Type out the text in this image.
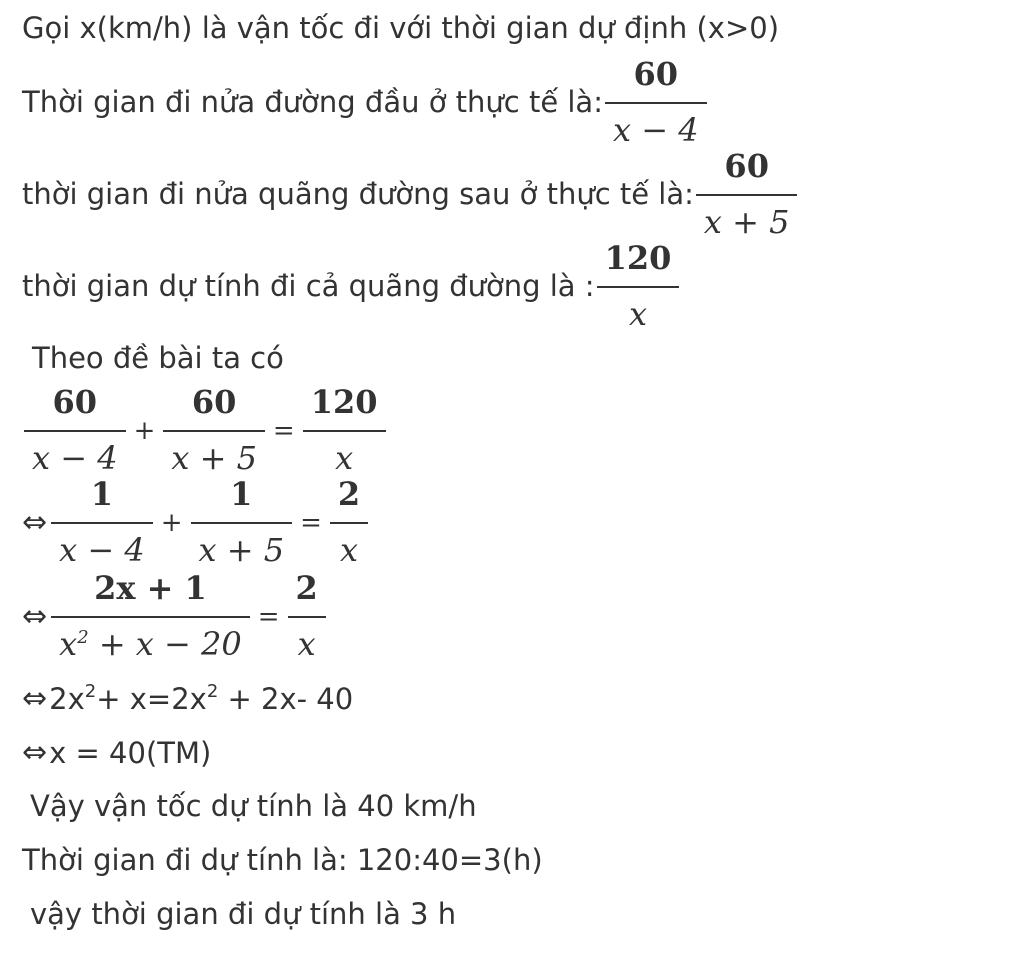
Gọi x(km/h) là vận tốc đi với thời gian dự định (x>0)
Thời gian đi nửa đường đầu ở thực tế là: $\frac{60}{x - 4}$
thời gian đi nửa quãng đường sau ở thực tế là: $\frac{60}{x + 5}$
thời gian dự tính đi cả quãng đường là : $\frac{120}{x}$
Theo đề bài ta có
$\frac{60}{x - 4} + \frac{60}{x + 5} = \frac{120}{x}$
⇔ $\frac{1}{x - 4} + \frac{1}{x + 5} = \frac{2}{x}$
⇔ $\frac{2x + 1}{x^2 + x - 20} = \frac{2}{x}$
⇔ $2x^2+ x=2x^2 + 2x-$ 40
⇔ x = 40(TM)
Vậy vận tốc dự tính là 40 km/h
Thời gian đi dự tính là: 120:40=3(h)
vậy thời gian đi dự tính là 3 h
